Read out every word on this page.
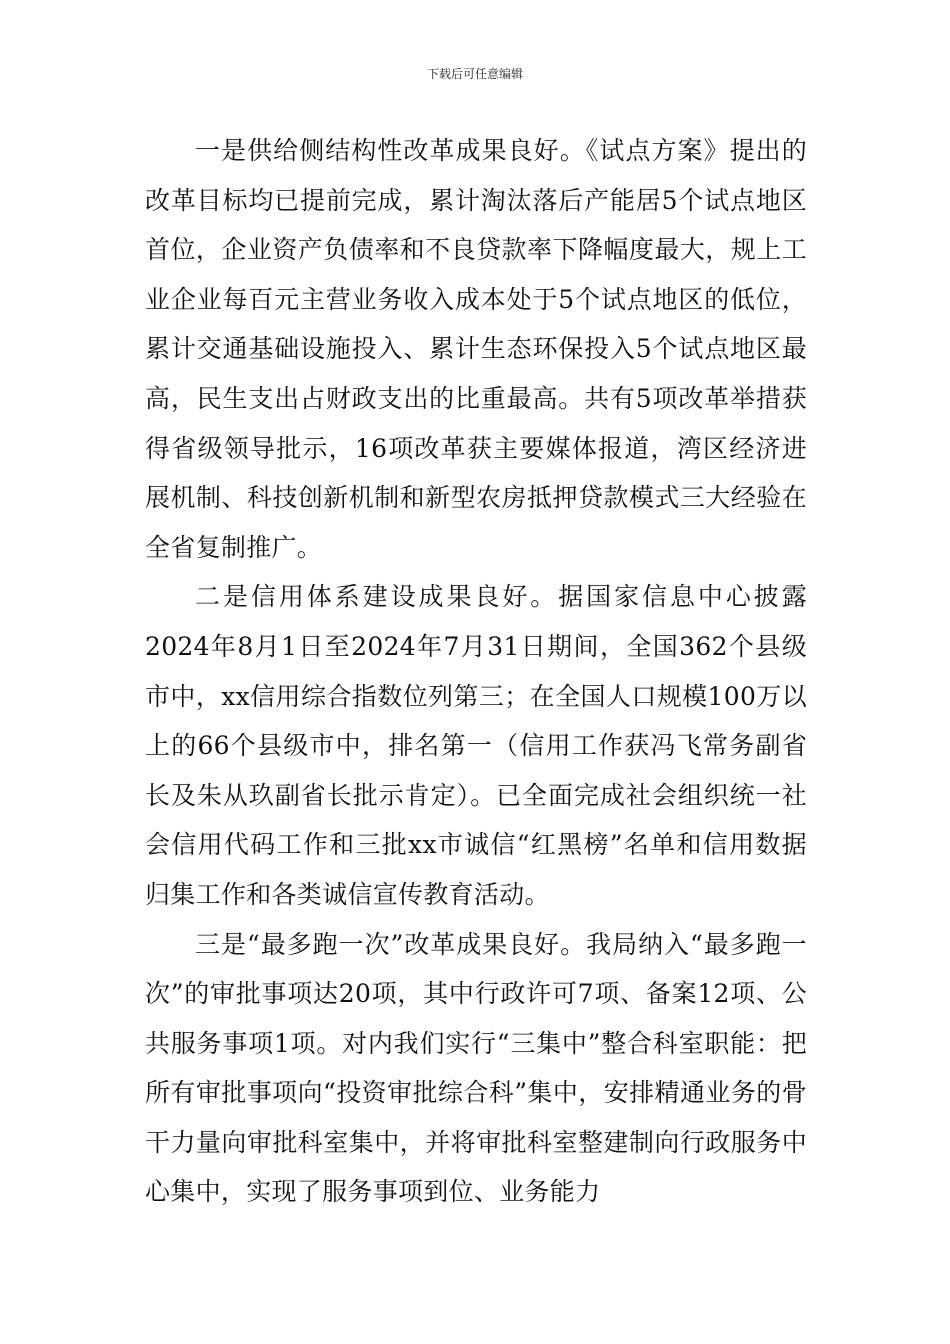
下载后可任意编辑

一是供给侧结构性改革成果良好。《试点方案》提出的改革目标均已提前完成，累计淘汰落后产能居5个试点地区首位，企业资产负债率和不良贷款率下降幅度最大，规上工业企业每百元主营业务收入成本处于5个试点地区的低位，累计交通基础设施投入、累计生态环保投入5个试点地区最高，民生支出占财政支出的比重最高。共有5项改革举措获得省级领导批示，16项改革获主要媒体报道，湾区经济进展机制、科技创新机制和新型农房抵押贷款模式三大经验在全省复制推广。

二是信用体系建设成果良好。据国家信息中心披露2024年8月1日至2024年7月31日期间，全国362个县级市中，xx信用综合指数位列第三；在全国人口规模100万以上的66个县级市中，排名第一（信用工作获冯飞常务副省长及朱从玖副省长批示肯定）。已全面完成社会组织统一社会信用代码工作和三批xx市诚信“红黑榜”名单和信用数据归集工作和各类诚信宣传教育活动。

三是“最多跑一次”改革成果良好。我局纳入“最多跑一次”的审批事项达20项，其中行政许可7项、备案12项、公共服务事项1项。对内我们实行“三集中”整合科室职能：把所有审批事项向“投资审批综合科”集中，安排精通业务的骨干力量向审批科室集中，并将审批科室整建制向行政服务中心集中，实现了服务事项到位、业务能力
